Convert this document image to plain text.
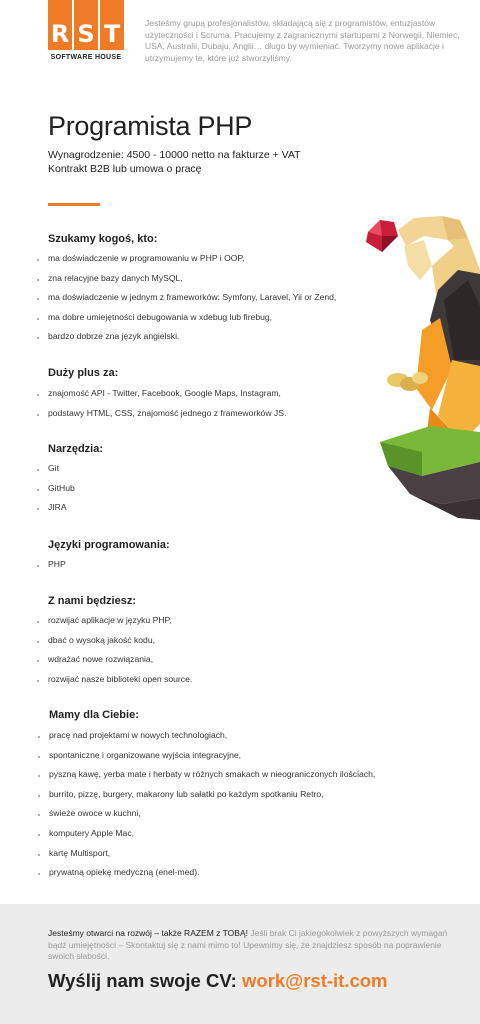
R S T
SOFTWARE HOUSE

Jesteśmy grupą profesjonalistów, składającą się z programistów, entuzjastów użyteczności i Scruma. Pracujemy z zagranicznymi startupami z Norwegii, Niemiec, USA, Australii, Dubaju, Anglii… długo by wymieniać. Tworzymy nowe aplikacje i utrzymujemy te, które już stworzyliśmy.

Programista PHP
Wynagrodzenie: 4500 - 10000 netto na fakturze + VAT
Kontrakt B2B lub umowa o pracę
Szukamy kogoś, kto:
ma doświadczenie w programowaniu w PHP i OOP,
zna relacyjne bazy danych MySQL,
ma doświadczenie w jednym z frameworków: Symfony, Laravel, Yii or Zend,
ma dobre umiejętności debugowania w xdebug lub firebug,
bardzo dobrze zna język angielski.
Duży plus za:
znajomość API - Twitter, Facebook, Google Maps, Instagram,
podstawy HTML, CSS, znajomość jednego z frameworków JS.
Narzędzia:
Git
GitHub
JIRA
Języki programowania:
PHP
Z nami będziesz:
rozwijać aplikacje w języku PHP,
dbać o wysoką jakość kodu,
wdrażać nowe rozwiązania,
rozwijać nasze biblioteki open source.
Mamy dla Ciebie:
pracę nad projektami w nowych technologiach,
spontaniczne i organizowane wyjścia integracyjne,
pyszną kawę, yerba mate i herbaty w różnych smakach w nieograniczonych ilościach,
burrito, pizzę, burgery, makarony lub sałatki po każdym spotkaniu Retro,
świeże owoce w kuchni,
komputery Apple Mac,
kartę Multisport,
prywatną opiekę medyczną (enel-med).

Jesteśmy otwarci na rozwój – także RAZEM z TOBĄ! Jeśli brak Ci jakiegokolwiek z powyższych wymagań bądź umiejętności – Skontaktuj się z nami mimo to! Upewnimy się, że znajdziesz sposób na poprawienie swoich słabości.

Wyślij nam swoje CV: work@rst-it.com
